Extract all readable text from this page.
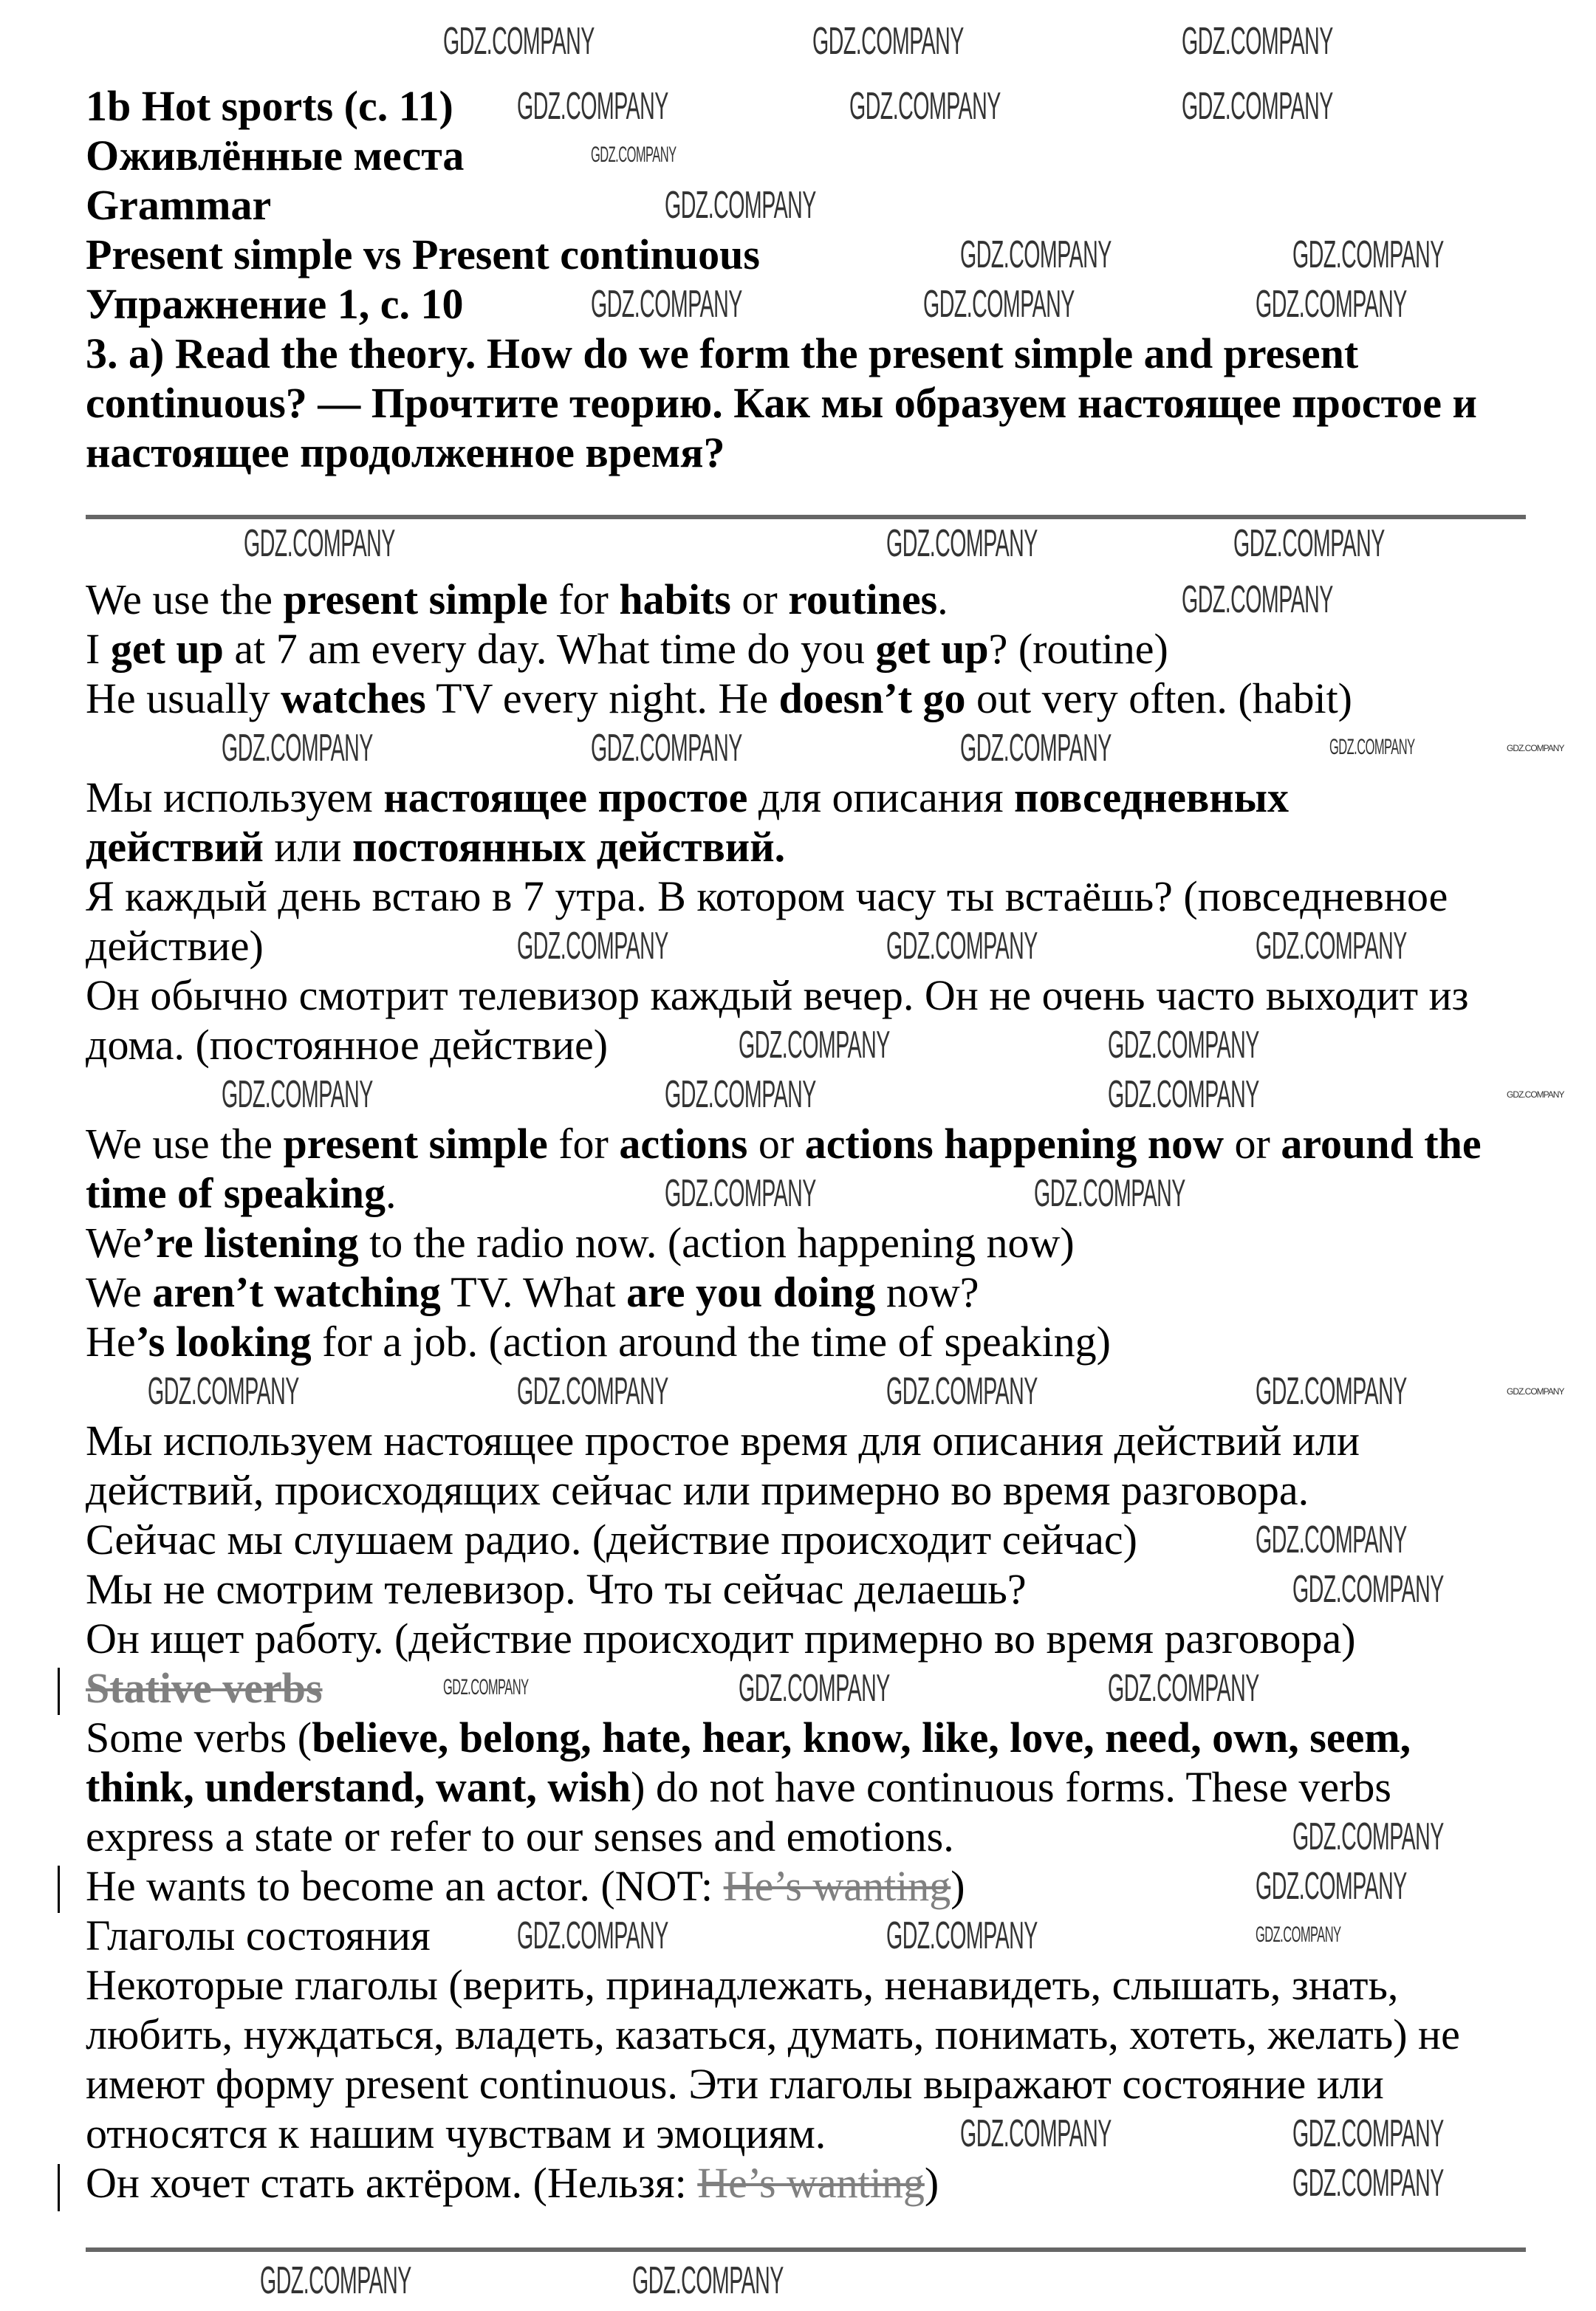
1b Hot sports (c. 11)
Оживлённые места
Grammar
Present simple vs Present continuous
Упражнение 1, с. 10
3. a) Read the theory. How do we form the present simple and present
continuous? — Прочтите теорию. Как мы образуем настоящее простое и
настоящее продолженное время?
We use the present simple for habits or routines.
I get up at 7 am every day. What time do you get up? (routine)
He usually watches TV every night. He doesn’t go out very often. (habit)
Мы используем настоящее простое для описания повседневных
действий или постоянных действий.
Я каждый день встаю в 7 утра. В котором часу ты встаёшь? (повседневное
действие)
Он обычно смотрит телевизор каждый вечер. Он не очень часто выходит из
дома. (постоянное действие)
We use the present simple for actions or actions happening now or around the
time of speaking.
We’re listening to the radio now. (action happening now)
We aren’t watching TV. What are you doing now?
He’s looking for a job. (action around the time of speaking)
Мы используем настоящее простое время для описания действий или
действий, происходящих сейчас или примерно во время разговора.
Сейчас мы слушаем радио. (действие происходит сейчас)
Мы не смотрим телевизор. Что ты сейчас делаешь?
Он ищет работу. (действие происходит примерно во время разговора)
Stative verbs
Some verbs (believe, belong, hate, hear, know, like, love, need, own, seem,
think, understand, want, wish) do not have continuous forms. These verbs
express a state or refer to our senses and emotions.
He wants to become an actor. (NOT: He’s wanting)
Глаголы состояния
Некоторые глаголы (верить, принадлежать, ненавидеть, слышать, знать,
любить, нуждаться, владеть, казаться, думать, понимать, хотеть, желать) не
имеют форму present continuous. Эти глаголы выражают состояние или
относятся к нашим чувствам и эмоциям.
Он хочет стать актёром. (Нельзя: He’s wanting)
GDZ.COMPANY	GDZ.COMPANY	GDZ.COMPANY
GDZ.COMPANY	GDZ.COMPANY	GDZ.COMPANY
GDZ.COMPANY	GDZ.COMPANY
GDZ.COMPANY	GDZ.COMPANY	GDZ.COMPANY
GDZ.COMPANY
GDZ.COMPANY
GDZ.COMPANY	GDZ.COMPANY
GDZ.COMPANY	GDZ.COMPANY	GDZ.COMPANY
GDZ.COMPANY
GDZ.COMPANY	GDZ.COMPANY	GDZ.COMPANY	GDZ.COMPANY
GDZ.COMPANY	GDZ.COMPANY	GDZ.COMPANY
GDZ.COMPANY	GDZ.COMPANY
GDZ.COMPANY	GDZ.COMPANY	GDZ.COMPANY
GDZ.COMPANY	GDZ.COMPANY
GDZ.COMPANY	GDZ.COMPANY	GDZ.COMPANY	GDZ.COMPANY
GDZ.COMPANY
GDZ.COMPANY
GDZ.COMPANY	GDZ.COMPANY	GDZ.COMPANY
GDZ.COMPANY
GDZ.COMPANY
GDZ.COMPANY	GDZ.COMPANY	GDZ.COMPANY
GDZ.COMPANY	GDZ.COMPANY
GDZ.COMPANY
GDZ.COMPANY
GDZ.COMPANY
GDZ.COMPANY
